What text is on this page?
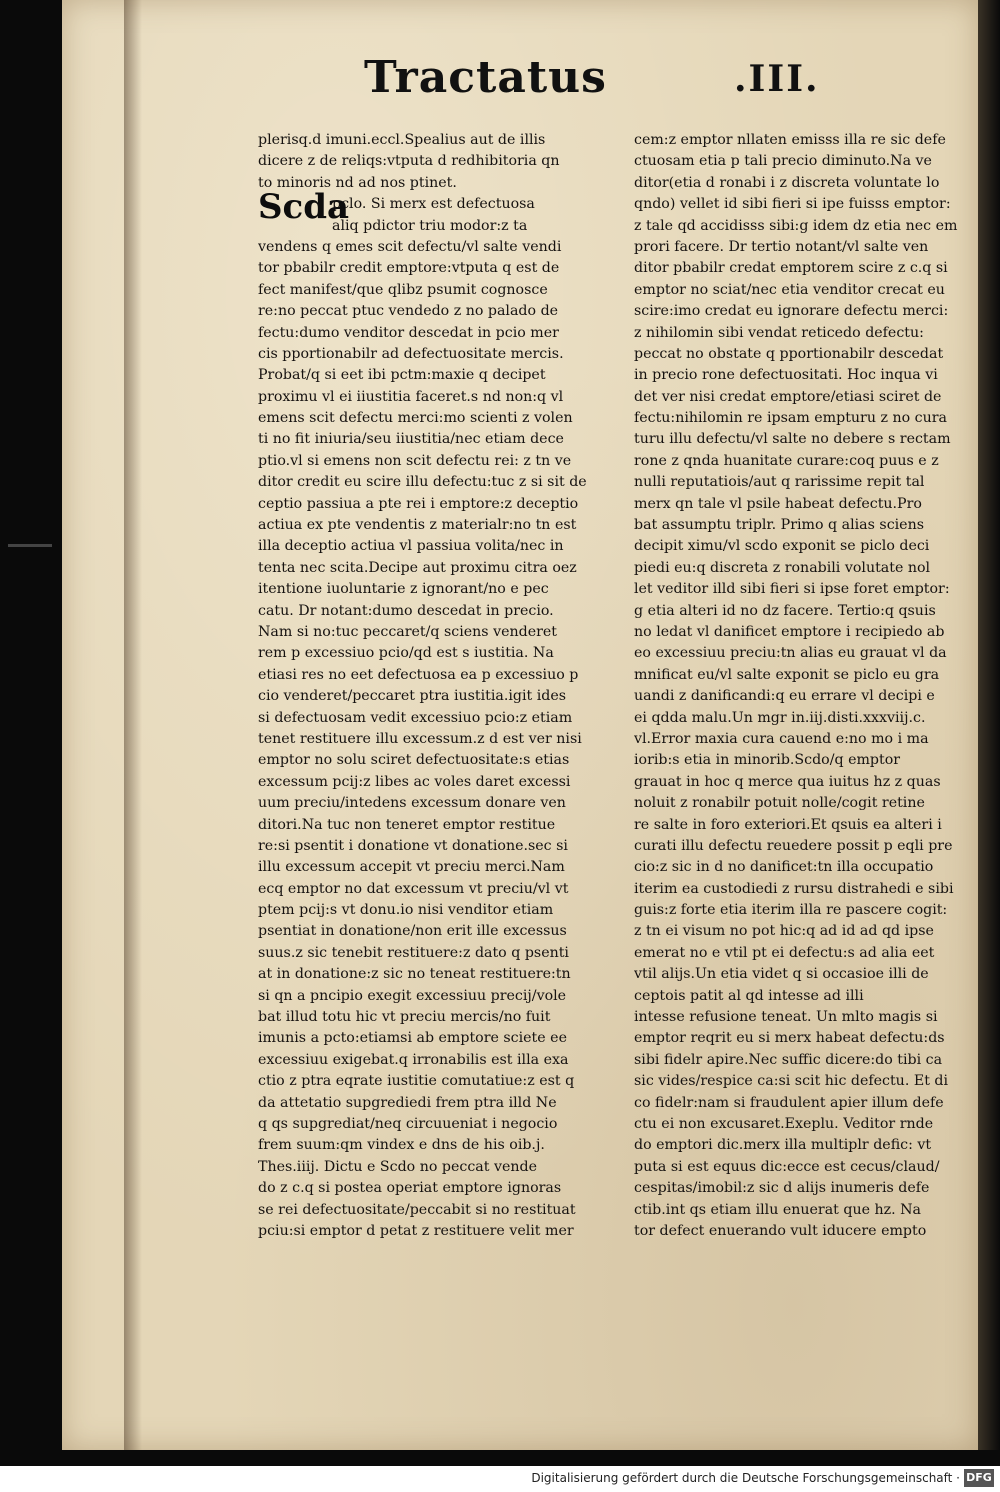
Tractatus	.III.
plerisq.d imuni.eccl.Spealius aut de illis
dicere z de reliqs:vtputa d redhibitoria qn
to minoris nd ad nos ptinet.
Scda
pclo. Si merx est defectuosa
aliq pdictor triu modor:z ta
vendens q emes scit defectu/vl salte vendi
tor pbabilr credit emptore:vtputa q est de
fect manifest/que qlibz psumit cognosce
re:no peccat ptuc vendedo z no palado de
fectu:dumo venditor descedat in pcio mer
cis pportionabilr ad defectuositate mercis.
Probat/q si eet ibi pctm:maxie q decipet
proximu vl ei iiustitia faceret.s nd non:q vl
emens scit defectu merci:mo scienti z volen
ti no fit iniuria/seu iiustitia/nec etiam dece
ptio.vl si emens non scit defectu rei: z tn ve
ditor credit eu scire illu defectu:tuc z si sit de
ceptio passiua a pte rei i emptore:z deceptio
actiua ex pte vendentis z materialr:no tn est
illa deceptio actiua vl passiua volita/nec in
tenta nec scita.Decipe aut proximu citra oez
itentione iuoluntarie z ignorant/no e pec
catu. Dr notant:dumo descedat in precio.
Nam si no:tuc peccaret/q sciens venderet
rem p excessiuo pcio/qd est s iustitia. Na
etiasi res no eet defectuosa ea p excessiuo p
cio venderet/peccaret ptra iustitia.igit ides
si defectuosam vedit excessiuo pcio:z etiam
tenet restituere illu excessum.z d est ver nisi
emptor no solu sciret defectuositate:s etias
excessum pcij:z libes ac voles daret excessi
uum preciu/intedens excessum donare ven
ditori.Na tuc non teneret emptor restitue
re:si psentit i donatione vt donatione.sec si
illu excessum accepit vt preciu merci.Nam
ecq emptor no dat excessum vt preciu/vl vt
ptem pcij:s vt donu.io nisi venditor etiam
psentiat in donatione/non erit ille excessus
suus.z sic tenebit restituere:z dato q psenti
at in donatione:z sic no teneat restituere:tn
si qn a pncipio exegit excessiuu precij/vole
bat illud totu hic vt preciu mercis/no fuit
imunis a pcto:etiamsi ab emptore sciete ee
excessiuu exigebat.q irronabilis est illa exa
ctio z ptra eqrate iustitie comutatiue:z est q
da attetatio supgrediedi frem ptra illd Ne
q qs supgrediat/neq circuueniat i negocio
frem suum:qm vindex e dns de his oib.j.
Thes.iiij. Dictu e Scdo no peccat vende
do z c.q si postea operiat emptore ignoras
se rei defectuositate/peccabit si no restituat
pciu:si emptor d petat z restituere velit mer
cem:z emptor nllaten emisss illa re sic defe
ctuosam etia p tali precio diminuto.Na ve
ditor(etia d ronabi i z discreta voluntate lo
qndo) vellet id sibi fieri si ipe fuisss emptor:
z tale qd accidisss sibi:g idem dz etia nec em
prori facere. Dr tertio notant/vl salte ven
ditor pbabilr credat emptorem scire z c.q si
emptor no sciat/nec etia venditor crecat eu
scire:imo credat eu ignorare defectu merci:
z nihilomin sibi vendat reticedo defectu:
peccat no obstate q pportionabilr descedat
in precio rone defectuositati. Hoc inqua vi
det ver nisi credat emptore/etiasi sciret de
fectu:nihilomin re ipsam empturu z no cura
turu illu defectu/vl salte no debere s rectam
rone z qnda huanitate curare:coq puus e z
nulli reputatiois/aut q rarissime repit tal
merx qn tale vl psile habeat defectu.Pro
bat assumptu triplr. Primo q alias sciens
decipit ximu/vl scdo exponit se piclo deci
piedi eu:q discreta z ronabili volutate nol
let veditor illd sibi fieri si ipse foret emptor:
g etia alteri id no dz facere. Tertio:q qsuis
no ledat vl danificet emptore i recipiedo ab
eo excessiuu preciu:tn alias eu grauat vl da
mnificat eu/vl salte exponit se piclo eu gra
uandi z danificandi:q eu errare vl decipi e
ei qdda malu.Un mgr in.iij.disti.xxxviij.c.
vl.Error maxia cura cauend e:no mo i ma
iorib:s etia in minorib.Scdo/q emptor
grauat in hoc q merce qua iuitus hz z quas
noluit z ronabilr potuit nolle/cogit retine
re salte in foro exteriori.Et qsuis ea alteri i
curati illu defectu reuedere possit p eqli pre
cio:z sic in d no danificet:tn illa occupatio
iterim ea custodiedi z rursu distrahedi e sibi
guis:z forte etia iterim illa re pascere cogit:
z tn ei visum no pot hic:q ad id ad qd ipse
emerat no e vtil pt ei defectu:s ad alia eet
vtil alijs.Un etia videt q si occasioe illi de
ceptois patit al qd intesse ad illi
intesse refusione teneat. Un mlto magis si
emptor reqrit eu si merx habeat defectu:ds
sibi fidelr apire.Nec suffic dicere:do tibi ca
sic vides/respice ca:si scit hic defectu. Et di
co fidelr:nam si fraudulent apier illum defe
ctu ei non excusaret.Exeplu. Veditor rnde
do emptori dic.merx illa multiplr defic: vt
puta si est equus dic:ecce est cecus/claud/
cespitas/imobil:z sic d alijs inumeris defe
ctib.int qs etiam illu enuerat que hz. Na
tor defect enuerando vult iducere empto
Digitalisierung gefördert durch die Deutsche Forschungsgemeinschaft · DFG
